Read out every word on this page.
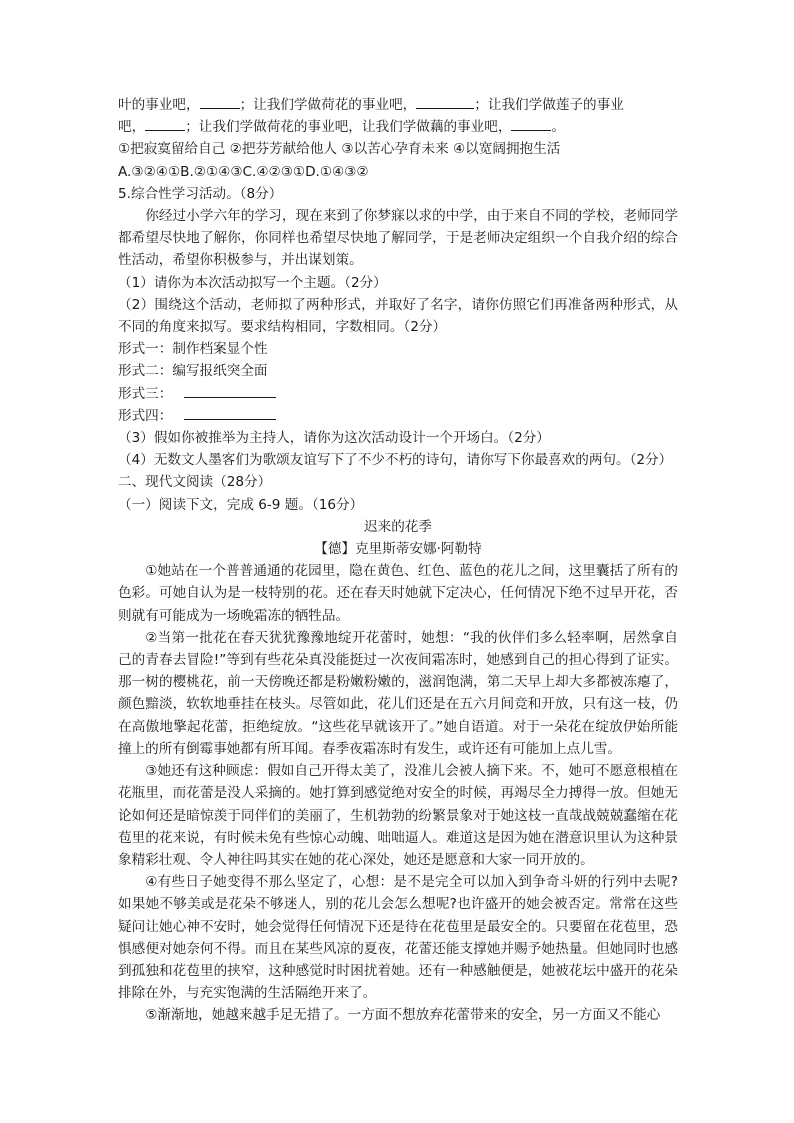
叶的事业吧，	；让我们学做荷花的事业吧，	；让我们学做莲子的事业

吧，	；让我们学做荷花的事业吧，让我们学做藕的事业吧，	。

①把寂寞留给自己 ②把芬芳献给他人 ③以苦心孕育未来 ④以宽阔拥抱生活

A.③②④①B.②①④③C.④②③①D.①④③②

5.综合性学习活动。（8分）

你经过小学六年的学习，现在来到了你梦寐以求的中学，由于来自不同的学校，老师同学都希望尽快地了解你，你同样也希望尽快地了解同学，于是老师决定组织一个自我介绍的综合性活动，希望你积极参与，并出谋划策。

（1）请你为本次活动拟写一个主题。（2分）

（2）围绕这个活动，老师拟了两种形式，并取好了名字，请你仿照它们再准备两种形式，从不同的角度来拟写。要求结构相同，字数相同。（2分）

形式一：制作档案显个性

形式二：编写报纸突全面

形式三：

形式四：

（3）假如你被推举为主持人，请你为这次活动设计一个开场白。（2分）

（4）无数文人墨客们为歌颂友谊写下了不少不朽的诗句，请你写下你最喜欢的两句。（2分）

二、现代文阅读（28分）

（一）阅读下文，完成 6-9 题。（16分）

迟来的花季

【德】克里斯蒂安娜·阿勒特

①她站在一个普普通通的花园里，隐在黄色、红色、蓝色的花儿之间，这里囊括了所有的色彩。可她自认为是一枝特别的花。还在春天时她就下定决心，任何情况下绝不过早开花，否则就有可能成为一场晚霜冻的牺牲品。

②当第一批花在春天犹犹豫豫地绽开花蕾时，她想：“我的伙伴们多么轻率啊，居然拿自己的青春去冒险!”等到有些花朵真没能挺过一次夜间霜冻时，她感到自己的担心得到了证实。那一树的樱桃花，前一天傍晚还都是粉嫩粉嫩的，滋润饱满，第二天早上却大多都被冻瘪了，颜色黯淡，软软地垂挂在枝头。尽管如此，花儿们还是在五六月间竞和开放，只有这一枝，仍在高傲地擎起花蕾，拒绝绽放。“这些花早就该开了。”她自语道。对于一朵花在绽放伊始所能撞上的所有倒霉事她都有所耳闻。春季夜霜冻时有发生，或许还有可能加上点儿雪。

③她还有这种顾虑：假如自己开得太美了，没准儿会被人摘下来。不，她可不愿意根植在花瓶里，而花蕾是没人采摘的。她打算到感觉绝对安全的时候，再竭尽全力搏得一放。但她无论如何还是暗惊羡于同伴们的美丽了，生机勃勃的纷繁景象对于她这枝一直哉战兢兢蠢缩在花苞里的花来说，有时候未免有些惊心动魄、咄咄逼人。难道这是因为她在潜意识里认为这种景象精彩壮观、令人神往吗其实在她的花心深处，她还是愿意和大家一同开放的。

④有些日子她变得不那么坚定了，心想：是不是完全可以加入到争奇斗妍的行列中去呢?如果她不够美或是花朵不够迷人，别的花儿会怎么想呢?也许盛开的她会被否定。常常在这些疑问让她心神不安时，她会觉得任何情况下还是待在花苞里是最安全的。只要留在花苞里，恐惧感便对她奈何不得。而且在某些风凉的夏夜，花蕾还能支撑她并赐予她热量。但她同时也感到孤独和花苞里的挟窄，这种感觉时时困扰着她。还有一种感触便是，她被花坛中盛开的花朵排除在外，与充实饱满的生活隔绝开来了。

⑤渐渐地，她越来越手足无措了。一方面不想放弃花蕾带来的安全，另一方面又不能心
